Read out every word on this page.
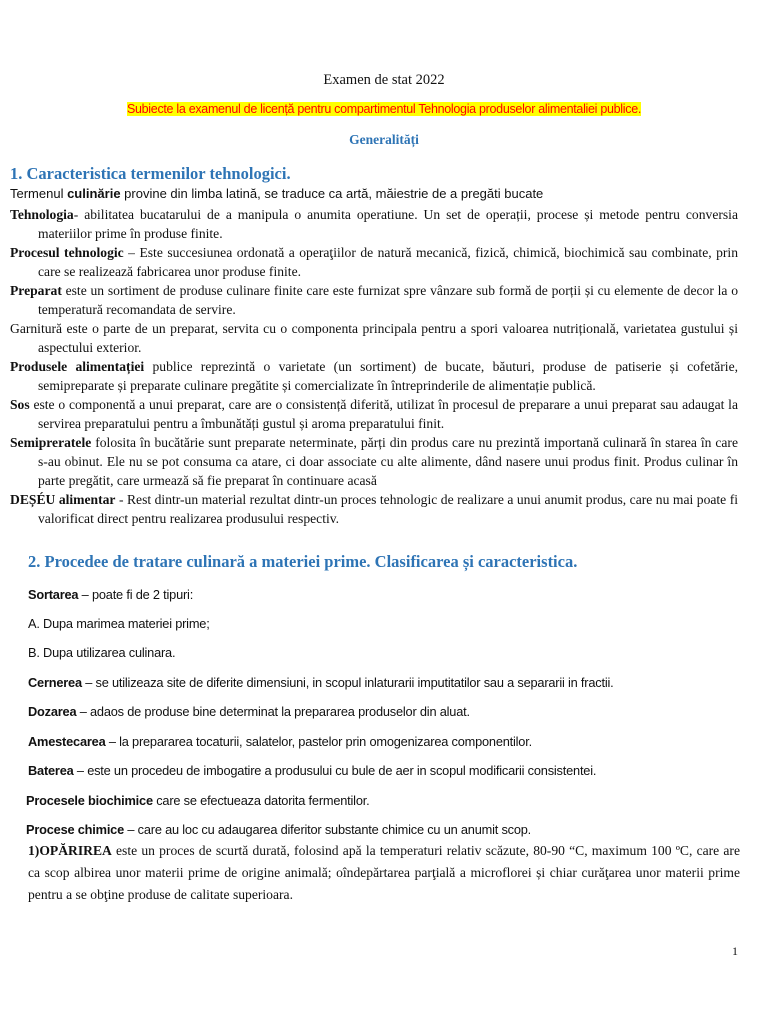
Examen de stat 2022
Subiecte la examenul de licență pentru compartimentul Tehnologia produselor alimentaliei publice.
Generalități
1. Caracteristica termenilor tehnologici.
Termenul culinărie provine din limba latină, se traduce ca artă, măiestrie de a pregăti bucate

Tehnologia- abilitatea bucatarului de a manipula o anumita operatiune. Un set de operații, procese și metode pentru conversia materiilor prime în produse finite.

Procesul tehnologic – Este succesiunea ordonată a operaţiilor de natură mecanică, fizică, chimică, biochimică sau combinate, prin care se realizează fabricarea unor produse finite.

Preparat este un sortiment de produse culinare finite care este furnizat spre vânzare sub formă de porții și cu elemente de decor la o temperatură recomandata de servire.

Garnitură este o parte de un preparat, servita cu o componenta principala pentru a spori valoarea nutrițională, varietatea gustului și aspectului exterior.

Produsele alimentației publice reprezintă o varietate (un sortiment) de bucate, băuturi, produse de patiserie și cofetărie, semipreparate și preparate culinare pregătite și comercializate în întreprinderile de alimentație publică.

Sos este o componentă a unui preparat, care are o consistență diferită, utilizat în procesul de preparare a unui preparat sau adaugat la servirea preparatului pentru a îmbunătăți gustul și aroma preparatului finit.

Semipreratele folosita în bucătărie sunt preparate neterminate, părți din produs care nu prezintă importană culinară în starea în care s-au obinut. Ele nu se pot consuma ca atare, ci doar associate cu alte alimente, dând nasere unui produs finit. Produs culinar în parte pregătit, care urmează să fie preparat în continuare acasă

DEȘÉU alimentar - Rest dintr-un material rezultat dintr-un proces tehnologic de realizare a unui anumit produs, care nu mai poate fi valorificat direct pentru realizarea produsului respectiv.

2. Procedee de tratare culinară a materiei prime. Clasificarea și caracteristica.
Sortarea – poate fi de 2 tipuri:
A. Dupa marimea materiei prime;
B. Dupa utilizarea culinara.
Cernerea – se utilizeaza site de diferite dimensiuni, in scopul inlaturarii imputitatilor sau a separarii in fractii.
Dozarea – adaos de produse bine determinat la prepararea produselor din aluat.
Amestecarea – la prepararea tocaturii, salatelor, pastelor prin omogenizarea componentilor.
Baterea – este un procedeu de imbogatire a produsului cu bule de aer in scopul modificarii consistentei.
Procesele biochimice care se efectueaza datorita fermentilor.
Procese chimice – care au loc cu adaugarea diferitor substante chimice cu un anumit scop.

1)OPĂRIREA este un proces de scurtă durată, folosind apă la temperaturi relativ scăzute, 80-90 “C, maximum 100 ºC, care are ca scop albirea unor materii prime de origine animală; oîndepărtarea parţială a microflorei și chiar curăţarea unor materii prime pentru a se obţine produse de calitate superioara.

1
